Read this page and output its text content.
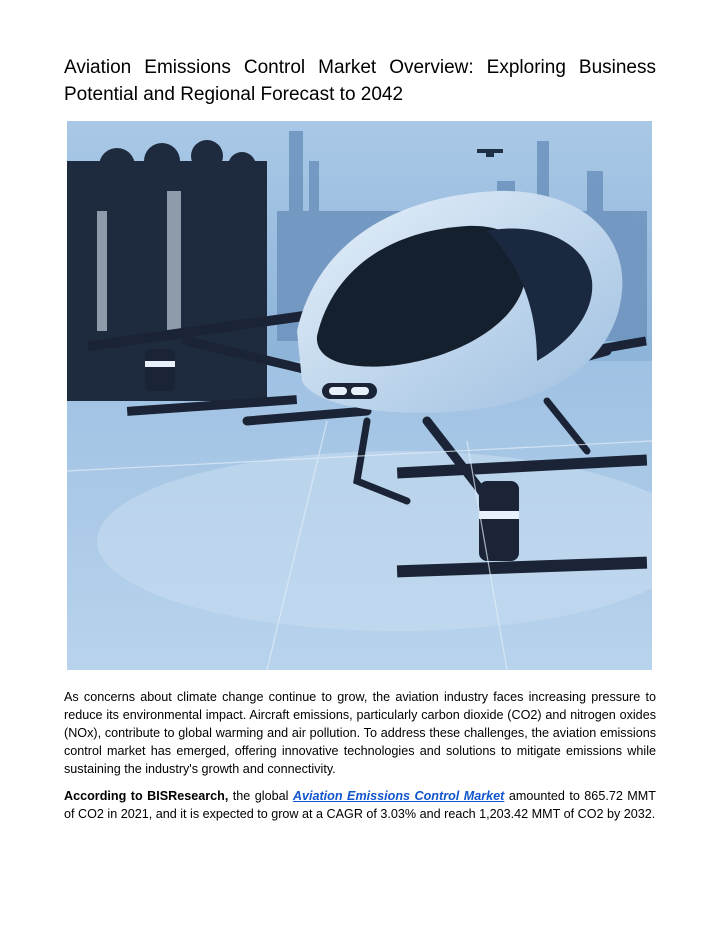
Aviation Emissions Control Market Overview: Exploring Business Potential and Regional Forecast to 2042

As concerns about climate change continue to grow, the aviation industry faces increasing pressure to reduce its environmental impact. Aircraft emissions, particularly carbon dioxide (CO2) and nitrogen oxides (NOx), contribute to global warming and air pollution. To address these challenges, the aviation emissions control market has emerged, offering innovative technologies and solutions to mitigate emissions while sustaining the industry's growth and connectivity.

According to BISResearch, the global Aviation Emissions Control Market amounted to 865.72 MMT of CO2 in 2021, and it is expected to grow at a CAGR of 3.03% and reach 1,203.42 MMT of CO2 by 2032.
